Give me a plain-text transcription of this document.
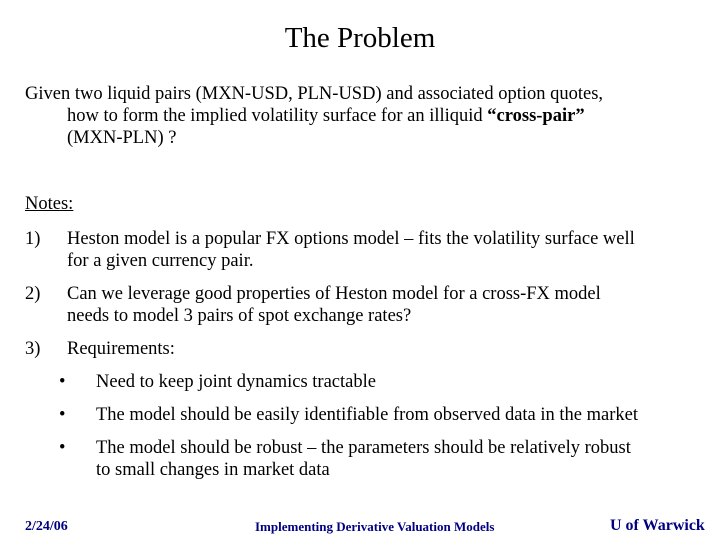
The Problem
Given two liquid pairs (MXN-USD, PLN-USD) and associated option quotes,
how to form the implied volatility surface for an illiquid “cross-pair”
(MXN-PLN) ?
Notes:
1) Heston model is a popular FX options model – fits the volatility surface well
for a given currency pair.
2) Can we leverage good properties of Heston model for a cross-FX model
needs to model 3 pairs of spot exchange rates?
3) Requirements:
• Need to keep joint dynamics tractable
• The model should be easily identifiable from observed data in the market
• The model should be robust – the parameters should be relatively robust
to small changes in market data
2/24/06	Implementing Derivative Valuation Models	U of Warwick
